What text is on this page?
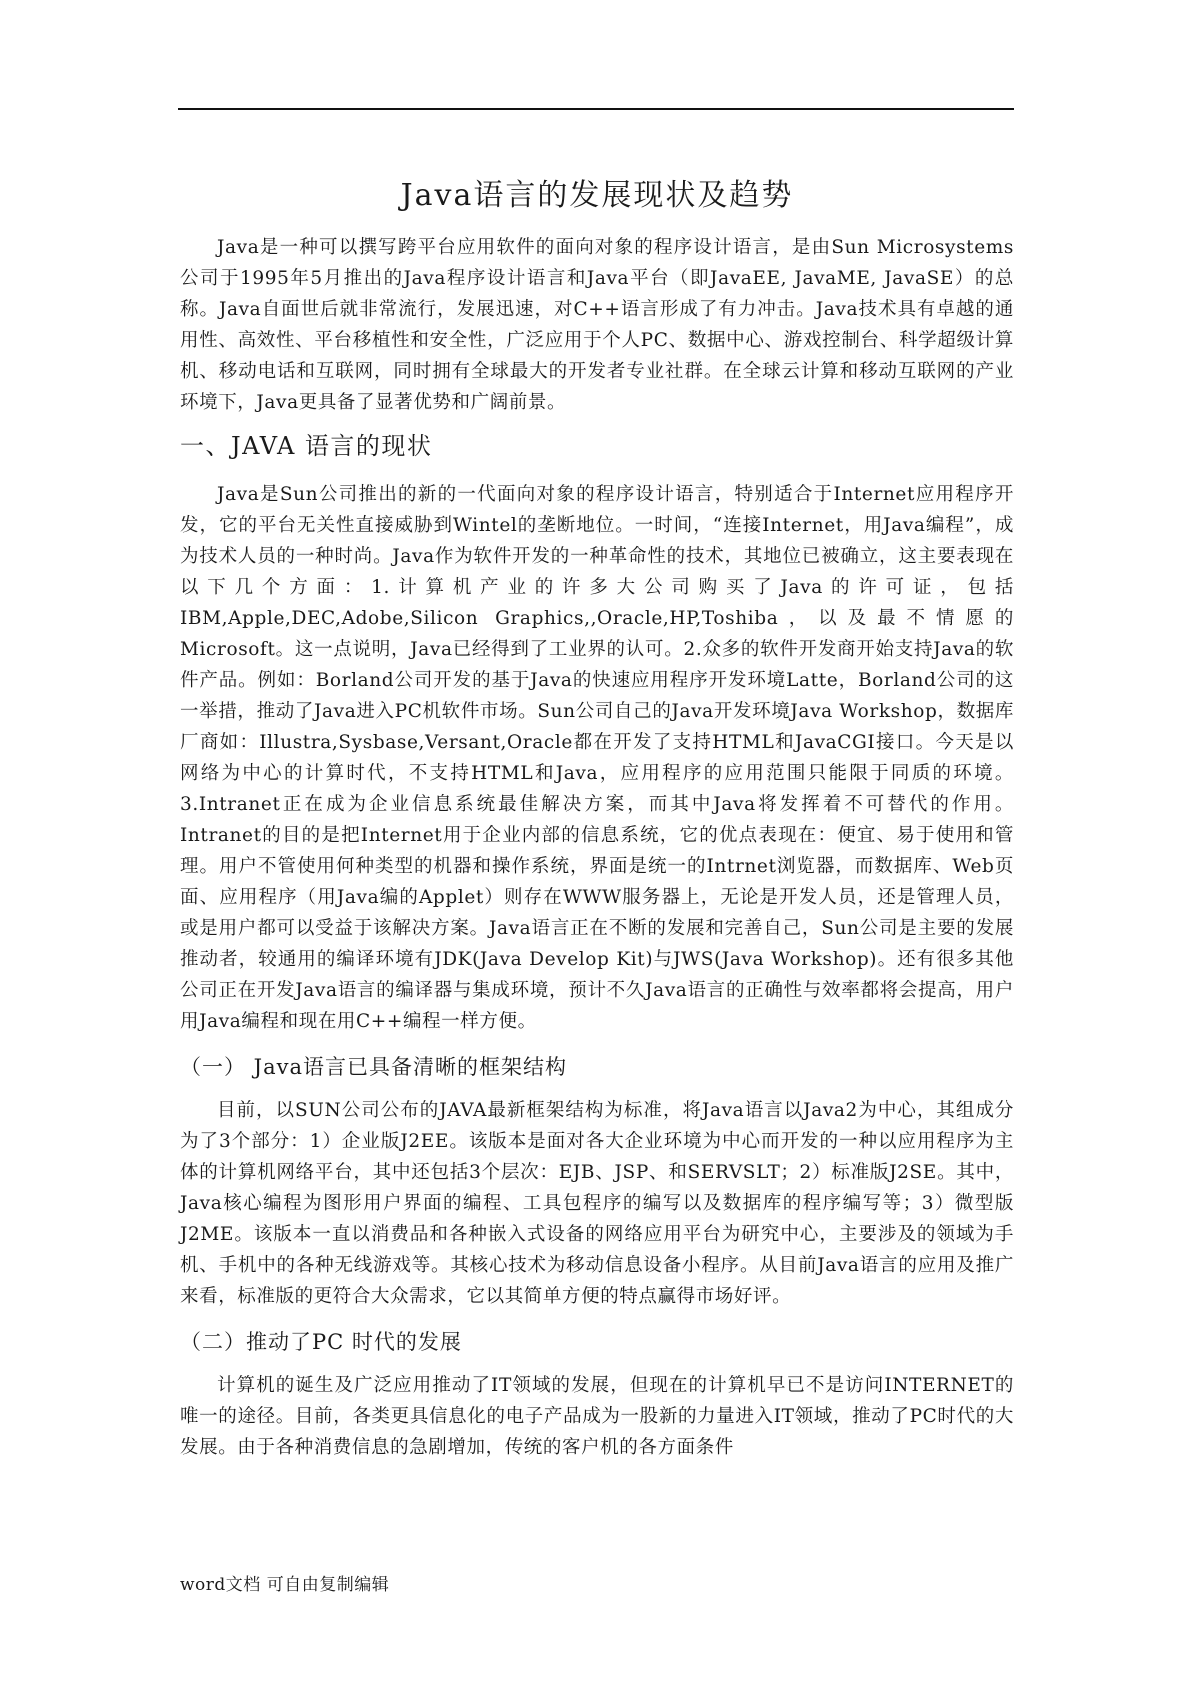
Java语言的发展现状及趋势

Java是一种可以撰写跨平台应用软件的面向对象的程序设计语言，是由Sun Microsystems公司于1995年5月推出的Java程序设计语言和Java平台（即JavaEE, JavaME, JavaSE）的总称。Java自面世后就非常流行，发展迅速，对C++语言形成了有力冲击。Java技术具有卓越的通用性、高效性、平台移植性和安全性，广泛应用于个人PC、数据中心、游戏控制台、科学超级计算机、移动电话和互联网，同时拥有全球最大的开发者专业社群。在全球云计算和移动互联网的产业环境下，Java更具备了显著优势和广阔前景。

一、JAVA 语言的现状

Java是Sun公司推出的新的一代面向对象的程序设计语言，特别适合于Internet应用程序开发，它的平台无关性直接威胁到Wintel的垄断地位。一时间，“连接Internet，用Java编程”，成为技术人员的一种时尚。Java作为软件开发的一种革命性的技术，其地位已被确立，这主要表现在以下几个方面：1.计算机产业的许多大公司购买了Java的许可证，包括IBM,Apple,DEC,Adobe,Silicon Graphics,,Oracle,HP,Toshiba，以及最不情愿的Microsoft。这一点说明，Java已经得到了工业界的认可。2.众多的软件开发商开始支持Java的软件产品。例如：Borland公司开发的基于Java的快速应用程序开发环境Latte，Borland公司的这一举措，推动了Java进入PC机软件市场。Sun公司自己的Java开发环境Java Workshop，数据库厂商如：Illustra,Sysbase,Versant,Oracle都在开发了支持HTML和JavaCGI接口。今天是以网络为中心的计算时代，不支持HTML和Java，应用程序的应用范围只能限于同质的环境。3.Intranet正在成为企业信息系统最佳解决方案，而其中Java将发挥着不可替代的作用。Intranet的目的是把Internet用于企业内部的信息系统，它的优点表现在：便宜、易于使用和管理。用户不管使用何种类型的机器和操作系统，界面是统一的Intrnet浏览器，而数据库、Web页面、应用程序（用Java编的Applet）则存在WWW服务器上，无论是开发人员，还是管理人员，或是用户都可以受益于该解决方案。Java语言正在不断的发展和完善自己，Sun公司是主要的发展推动者，较通用的编译环境有JDK(Java Develop Kit)与JWS(Java Workshop)。还有很多其他公司正在开发Java语言的编译器与集成环境，预计不久Java语言的正确性与效率都将会提高，用户用Java编程和现在用C++编程一样方便。

（一） Java语言已具备清晰的框架结构

目前，以SUN公司公布的JAVA最新框架结构为标准，将Java语言以Java2为中心，其组成分为了3个部分：1）企业版J2EE。该版本是面对各大企业环境为中心而开发的一种以应用程序为主体的计算机网络平台，其中还包括3个层次：EJB、JSP、和SERVSLT；2）标准版J2SE。其中，Java核心编程为图形用户界面的编程、工具包程序的编写以及数据库的程序编写等；3）微型版J2ME。该版本一直以消费品和各种嵌入式设备的网络应用平台为研究中心，主要涉及的领域为手机、手机中的各种无线游戏等。其核心技术为移动信息设备小程序。从目前Java语言的应用及推广来看，标准版的更符合大众需求，它以其简单方便的特点赢得市场好评。

（二）推动了PC 时代的发展

计算机的诞生及广泛应用推动了IT领域的发展，但现在的计算机早已不是访问INTERNET的唯一的途径。目前，各类更具信息化的电子产品成为一股新的力量进入IT领域，推动了PC时代的大发展。由于各种消费信息的急剧增加，传统的客户机的各方面条件

word文档 可自由复制编辑
